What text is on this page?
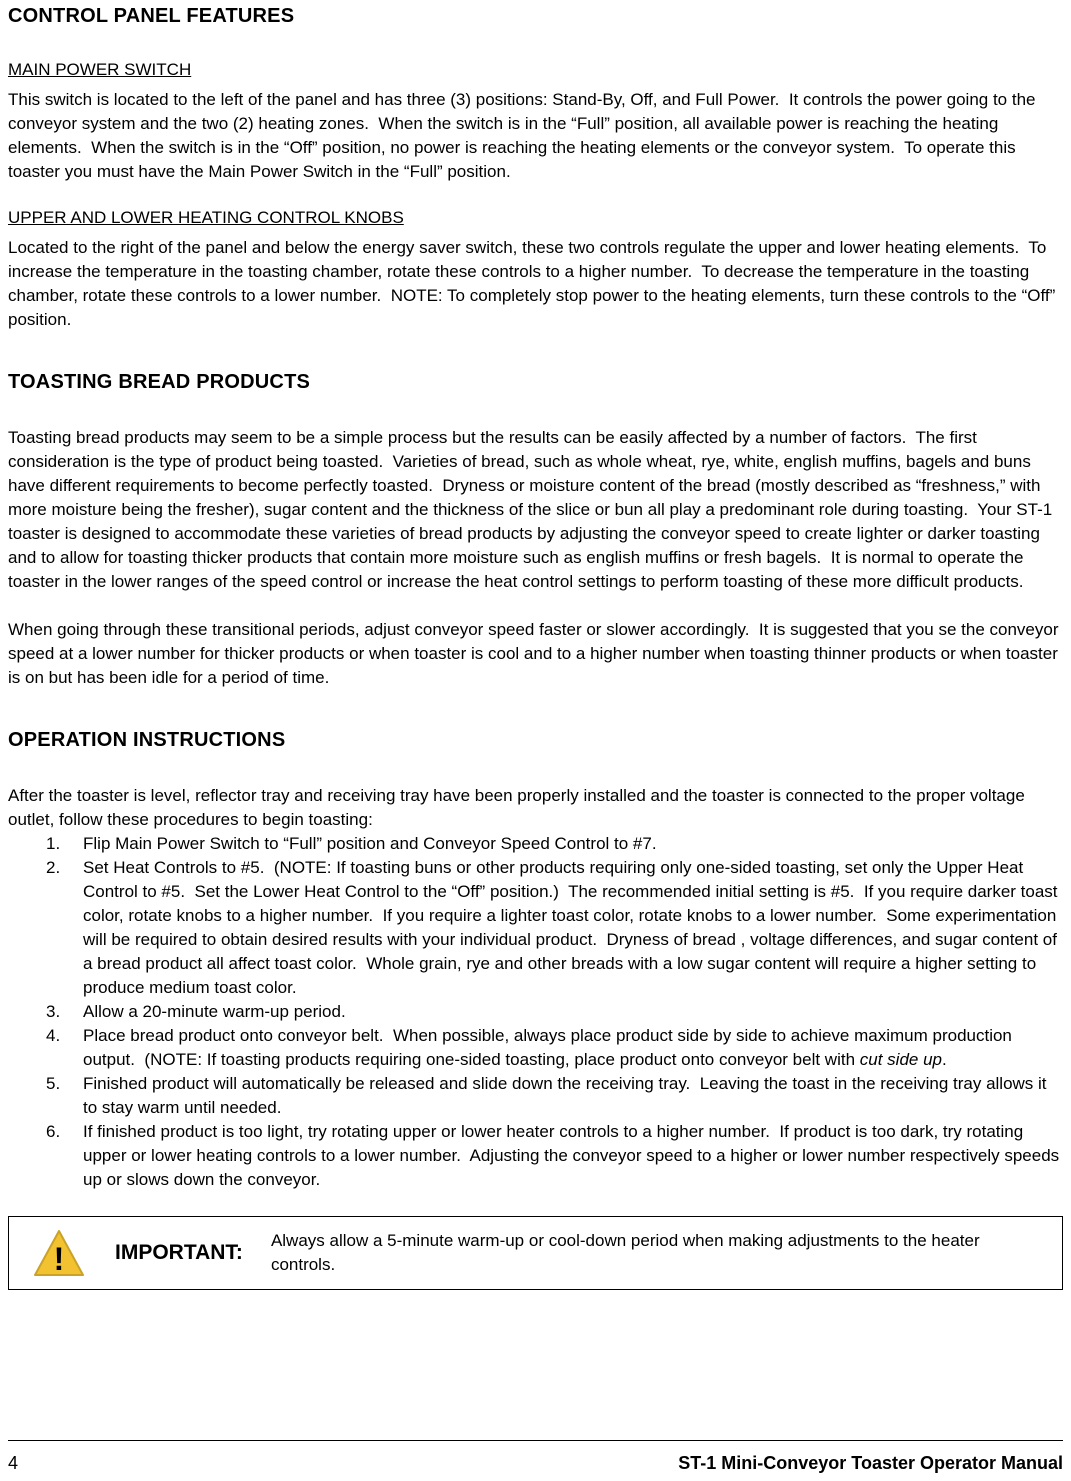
CONTROL PANEL FEATURES
MAIN POWER SWITCH

This switch is located to the left of the panel and has three (3) positions: Stand-By, Off, and Full Power.  It controls the power going to the conveyor system and the two (2) heating zones.  When the switch is in the “Full” position, all available power is reaching the heating elements.  When the switch is in the “Off” position, no power is reaching the heating elements or the conveyor system.  To operate this toaster you must have the Main Power Switch in the “Full” position.

UPPER AND LOWER HEATING CONTROL KNOBS

Located to the right of the panel and below the energy saver switch, these two controls regulate the upper and lower heating elements.  To increase the temperature in the toasting chamber, rotate these controls to a higher number.  To decrease the temperature in the toasting chamber, rotate these controls to a lower number.  NOTE: To completely stop power to the heating elements, turn these controls to the “Off” position.

TOASTING BREAD PRODUCTS

Toasting bread products may seem to be a simple process but the results can be easily affected by a number of factors.  The first consideration is the type of product being toasted.  Varieties of bread, such as whole wheat, rye, white, english muffins, bagels and buns have different requirements to become perfectly toasted.  Dryness or moisture content of the bread (mostly described as “freshness,” with more moisture being the fresher), sugar content and the thickness of the slice or bun all play a predominant role during toasting.  Your ST-1 toaster is designed to accommodate these varieties of bread products by adjusting the conveyor speed to create lighter or darker toasting and to allow for toasting thicker products that contain more moisture such as english muffins or fresh bagels.  It is normal to operate the toaster in the lower ranges of the speed control or increase the heat control settings to perform toasting of these more difficult products.

When going through these transitional periods, adjust conveyor speed faster or slower accordingly.  It is suggested that you se the conveyor speed at a lower number for thicker products or when toaster is cool and to a higher number when toasting thinner products or when toaster is on but has been idle for a period of time.

OPERATION INSTRUCTIONS

After the toaster is level, reflector tray and receiving tray have been properly installed and the toaster is connected to the proper voltage outlet, follow these procedures to begin toasting:

1.	Flip Main Power Switch to “Full” position and Conveyor Speed Control to #7.
2.	Set Heat Controls to #5.  (NOTE: If toasting buns or other products requiring only one-sided toasting, set only the Upper Heat Control to #5.  Set the Lower Heat Control to the “Off” position.)  The recommended initial setting is #5.  If you require darker toast color, rotate knobs to a higher number.  If you require a lighter toast color, rotate knobs to a lower number.  Some experimentation will be required to obtain desired results with your individual product.  Dryness of bread , voltage differences, and sugar content of a bread product all affect toast color.  Whole grain, rye and other breads with a low sugar content will require a higher setting to produce medium toast color.
3.	Allow a 20-minute warm-up period.
4.	Place bread product onto conveyor belt.  When possible, always place product side by side to achieve maximum production output.  (NOTE: If toasting products requiring one-sided toasting, place product onto conveyor belt with cut side up.
5.	Finished product will automatically be released and slide down the receiving tray.  Leaving the toast in the receiving tray allows it to stay warm until needed.
6.	If finished product is too light, try rotating upper or lower heater controls to a higher number.  If product is too dark, try rotating upper or lower heating controls to a lower number.  Adjusting the conveyor speed to a higher or lower number respectively speeds up or slows down the conveyor.
! IMPORTANT:
Always allow a 5-minute warm-up or cool-down period when making adjustments to the heater controls.
4	ST-1 Mini-Conveyor Toaster Operator Manual
